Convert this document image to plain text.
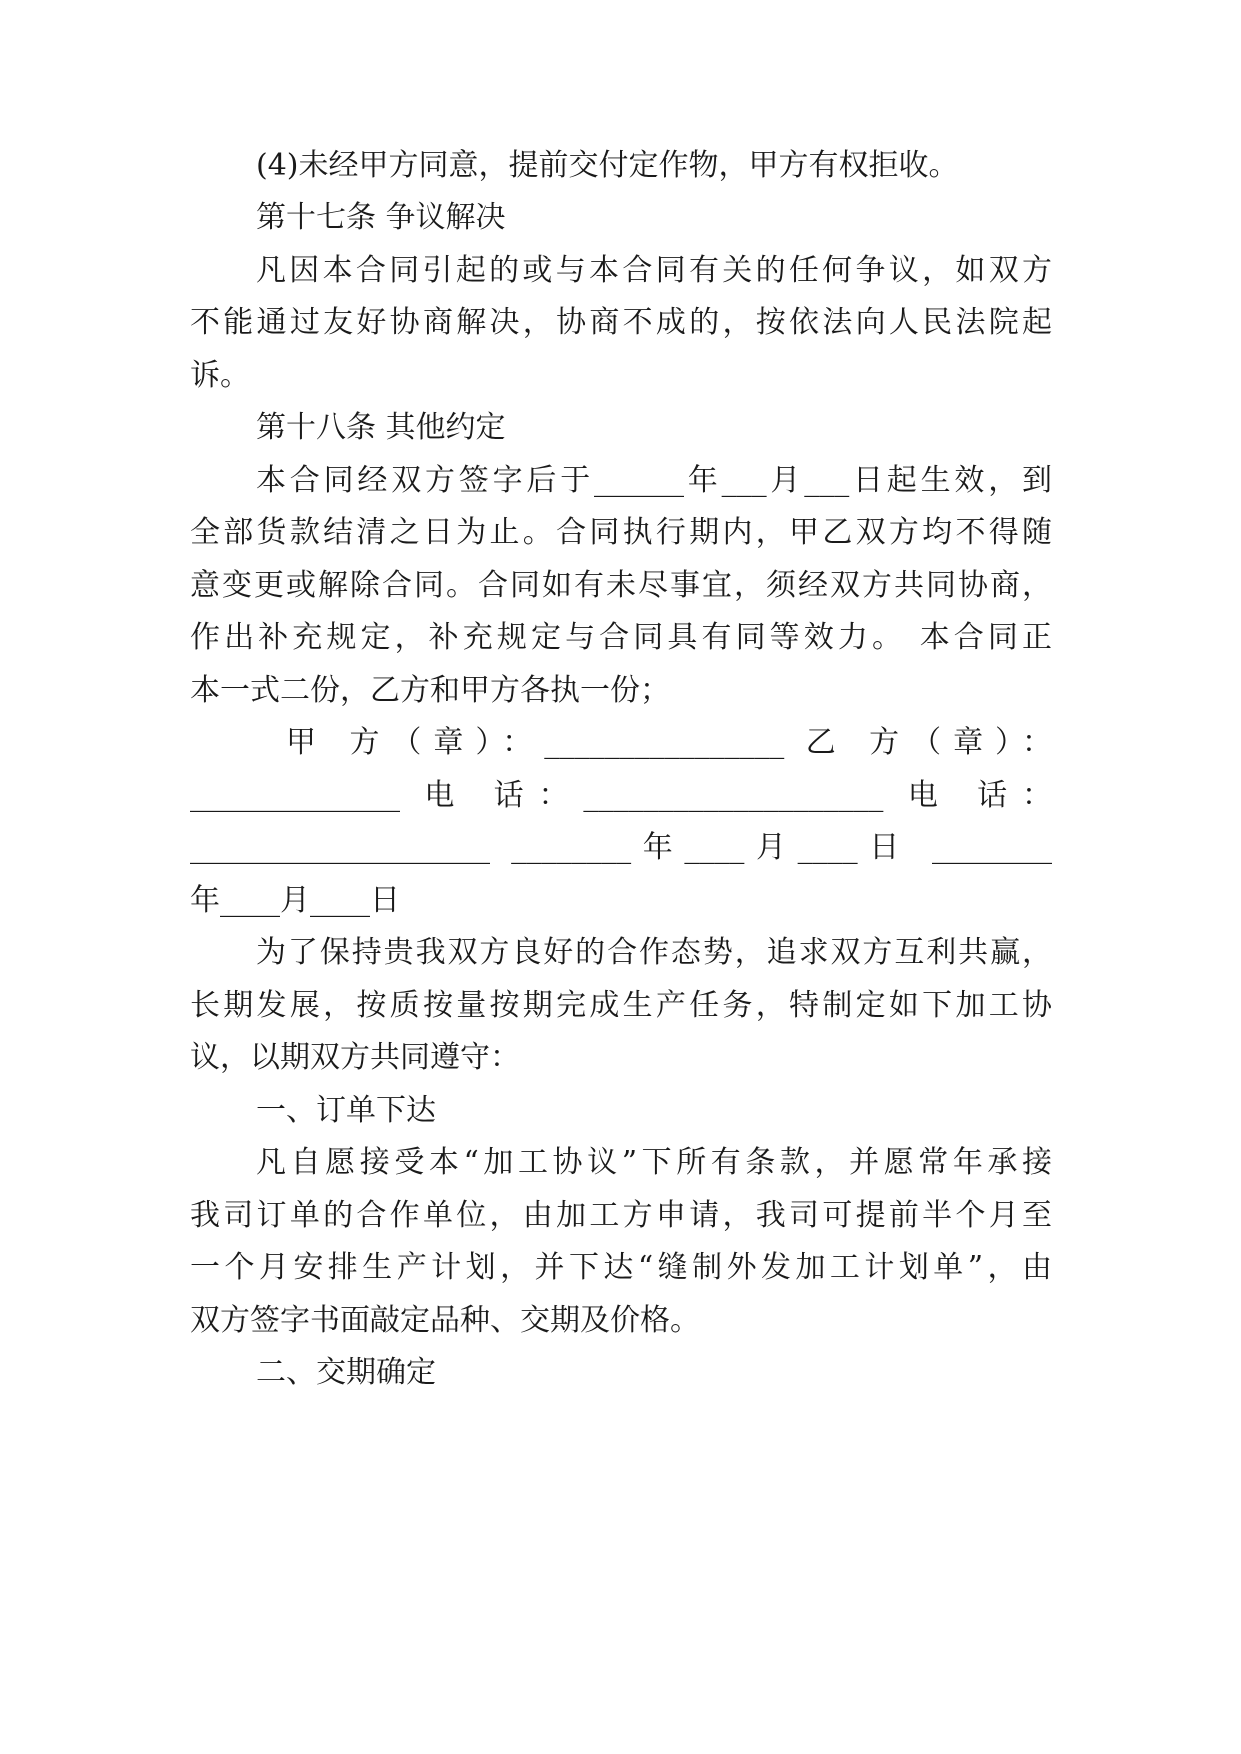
(4)未经甲方同意，提前交付定作物，甲方有权拒收。
第十七条 争议解决
凡因本合同引起的或与本合同有关的任何争议，如双方
不能通过友好协商解决，协商不成的，按依法向人民法院起
诉。
第十八条 其他约定
本合同经双方签字后于______年___月___日起生效，到
全部货款结清之日为止。合同执行期内，甲乙双方均不得随
意变更或解除合同。合同如有未尽事宜，须经双方共同协商，
作出补充规定，补充规定与合同具有同等效力。 本合同正
本一式二份，乙方和甲方各执一份；
甲 方（章）：________________ 乙 方（章）：
______________ 电 话：____________________ 电 话：
____________________ ________年____月____日 ________
年____月____日
为了保持贵我双方良好的合作态势，追求双方互利共赢，
长期发展，按质按量按期完成生产任务，特制定如下加工协
议，以期双方共同遵守：
一、订单下达
凡自愿接受本“加工协议”下所有条款，并愿常年承接
我司订单的合作单位，由加工方申请，我司可提前半个月至
一个月安排生产计划，并下达“缝制外发加工计划单”，由
双方签字书面敲定品种、交期及价格。
二、交期确定
